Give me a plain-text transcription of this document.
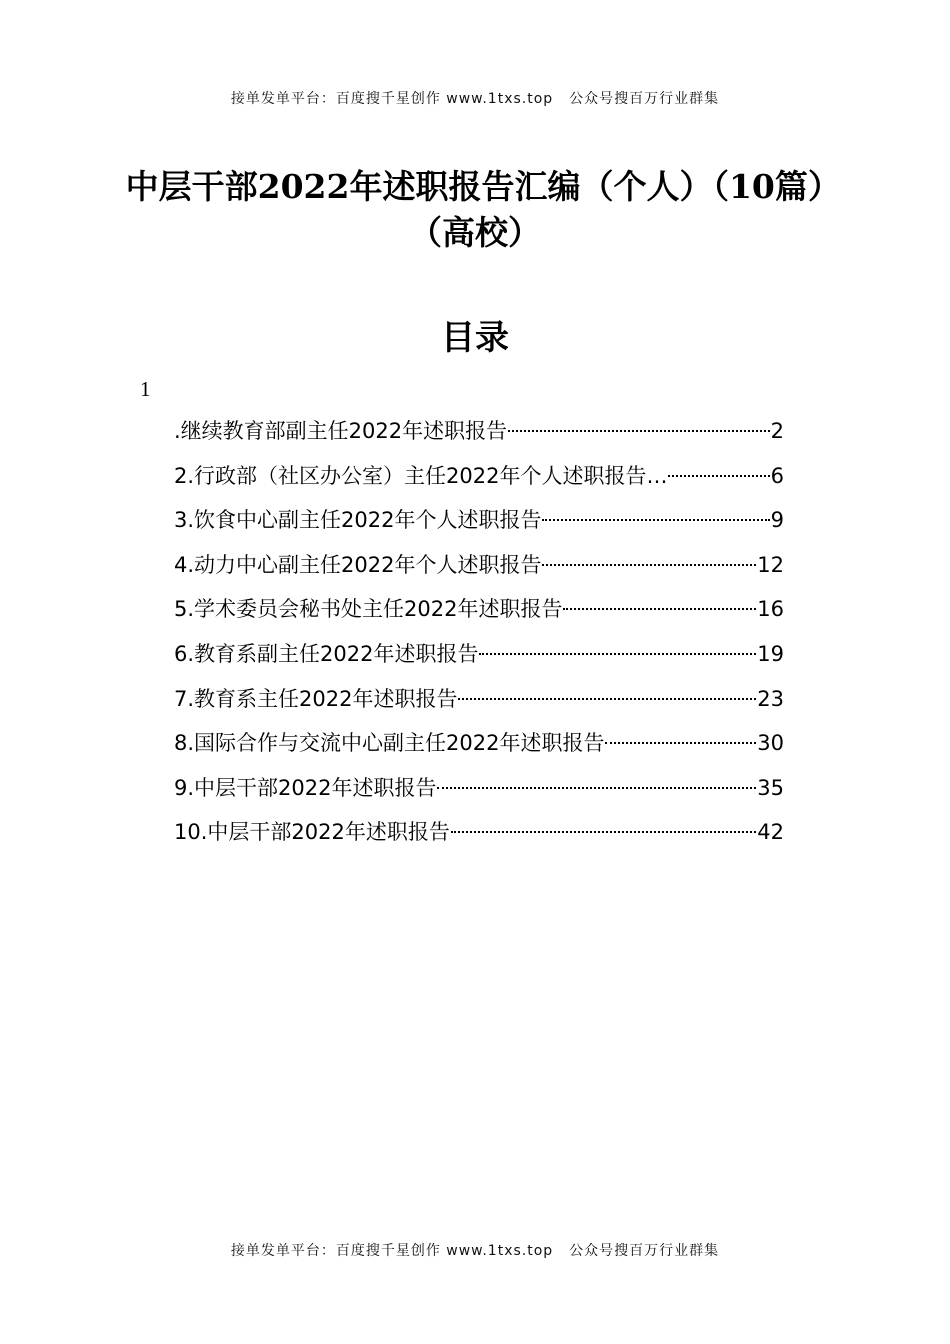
接单发单平台：百度搜千星创作 www.1txs.top 公众号搜百万行业群集
中层干部2022年述职报告汇编（个人）（10篇）（高校）
目录
1
.继续教育部副主任2022年述职报告	2
2.行政部（社区办公室）主任2022年个人述职报告…	6
3.饮食中心副主任2022年个人述职报告	9
4.动力中心副主任2022年个人述职报告	12
5.学术委员会秘书处主任2022年述职报告	16
6.教育系副主任2022年述职报告	19
7.教育系主任2022年述职报告	23
8.国际合作与交流中心副主任2022年述职报告	30
9.中层干部2022年述职报告	35
10.中层干部2022年述职报告	42
接单发单平台：百度搜千星创作 www.1txs.top 公众号搜百万行业群集
